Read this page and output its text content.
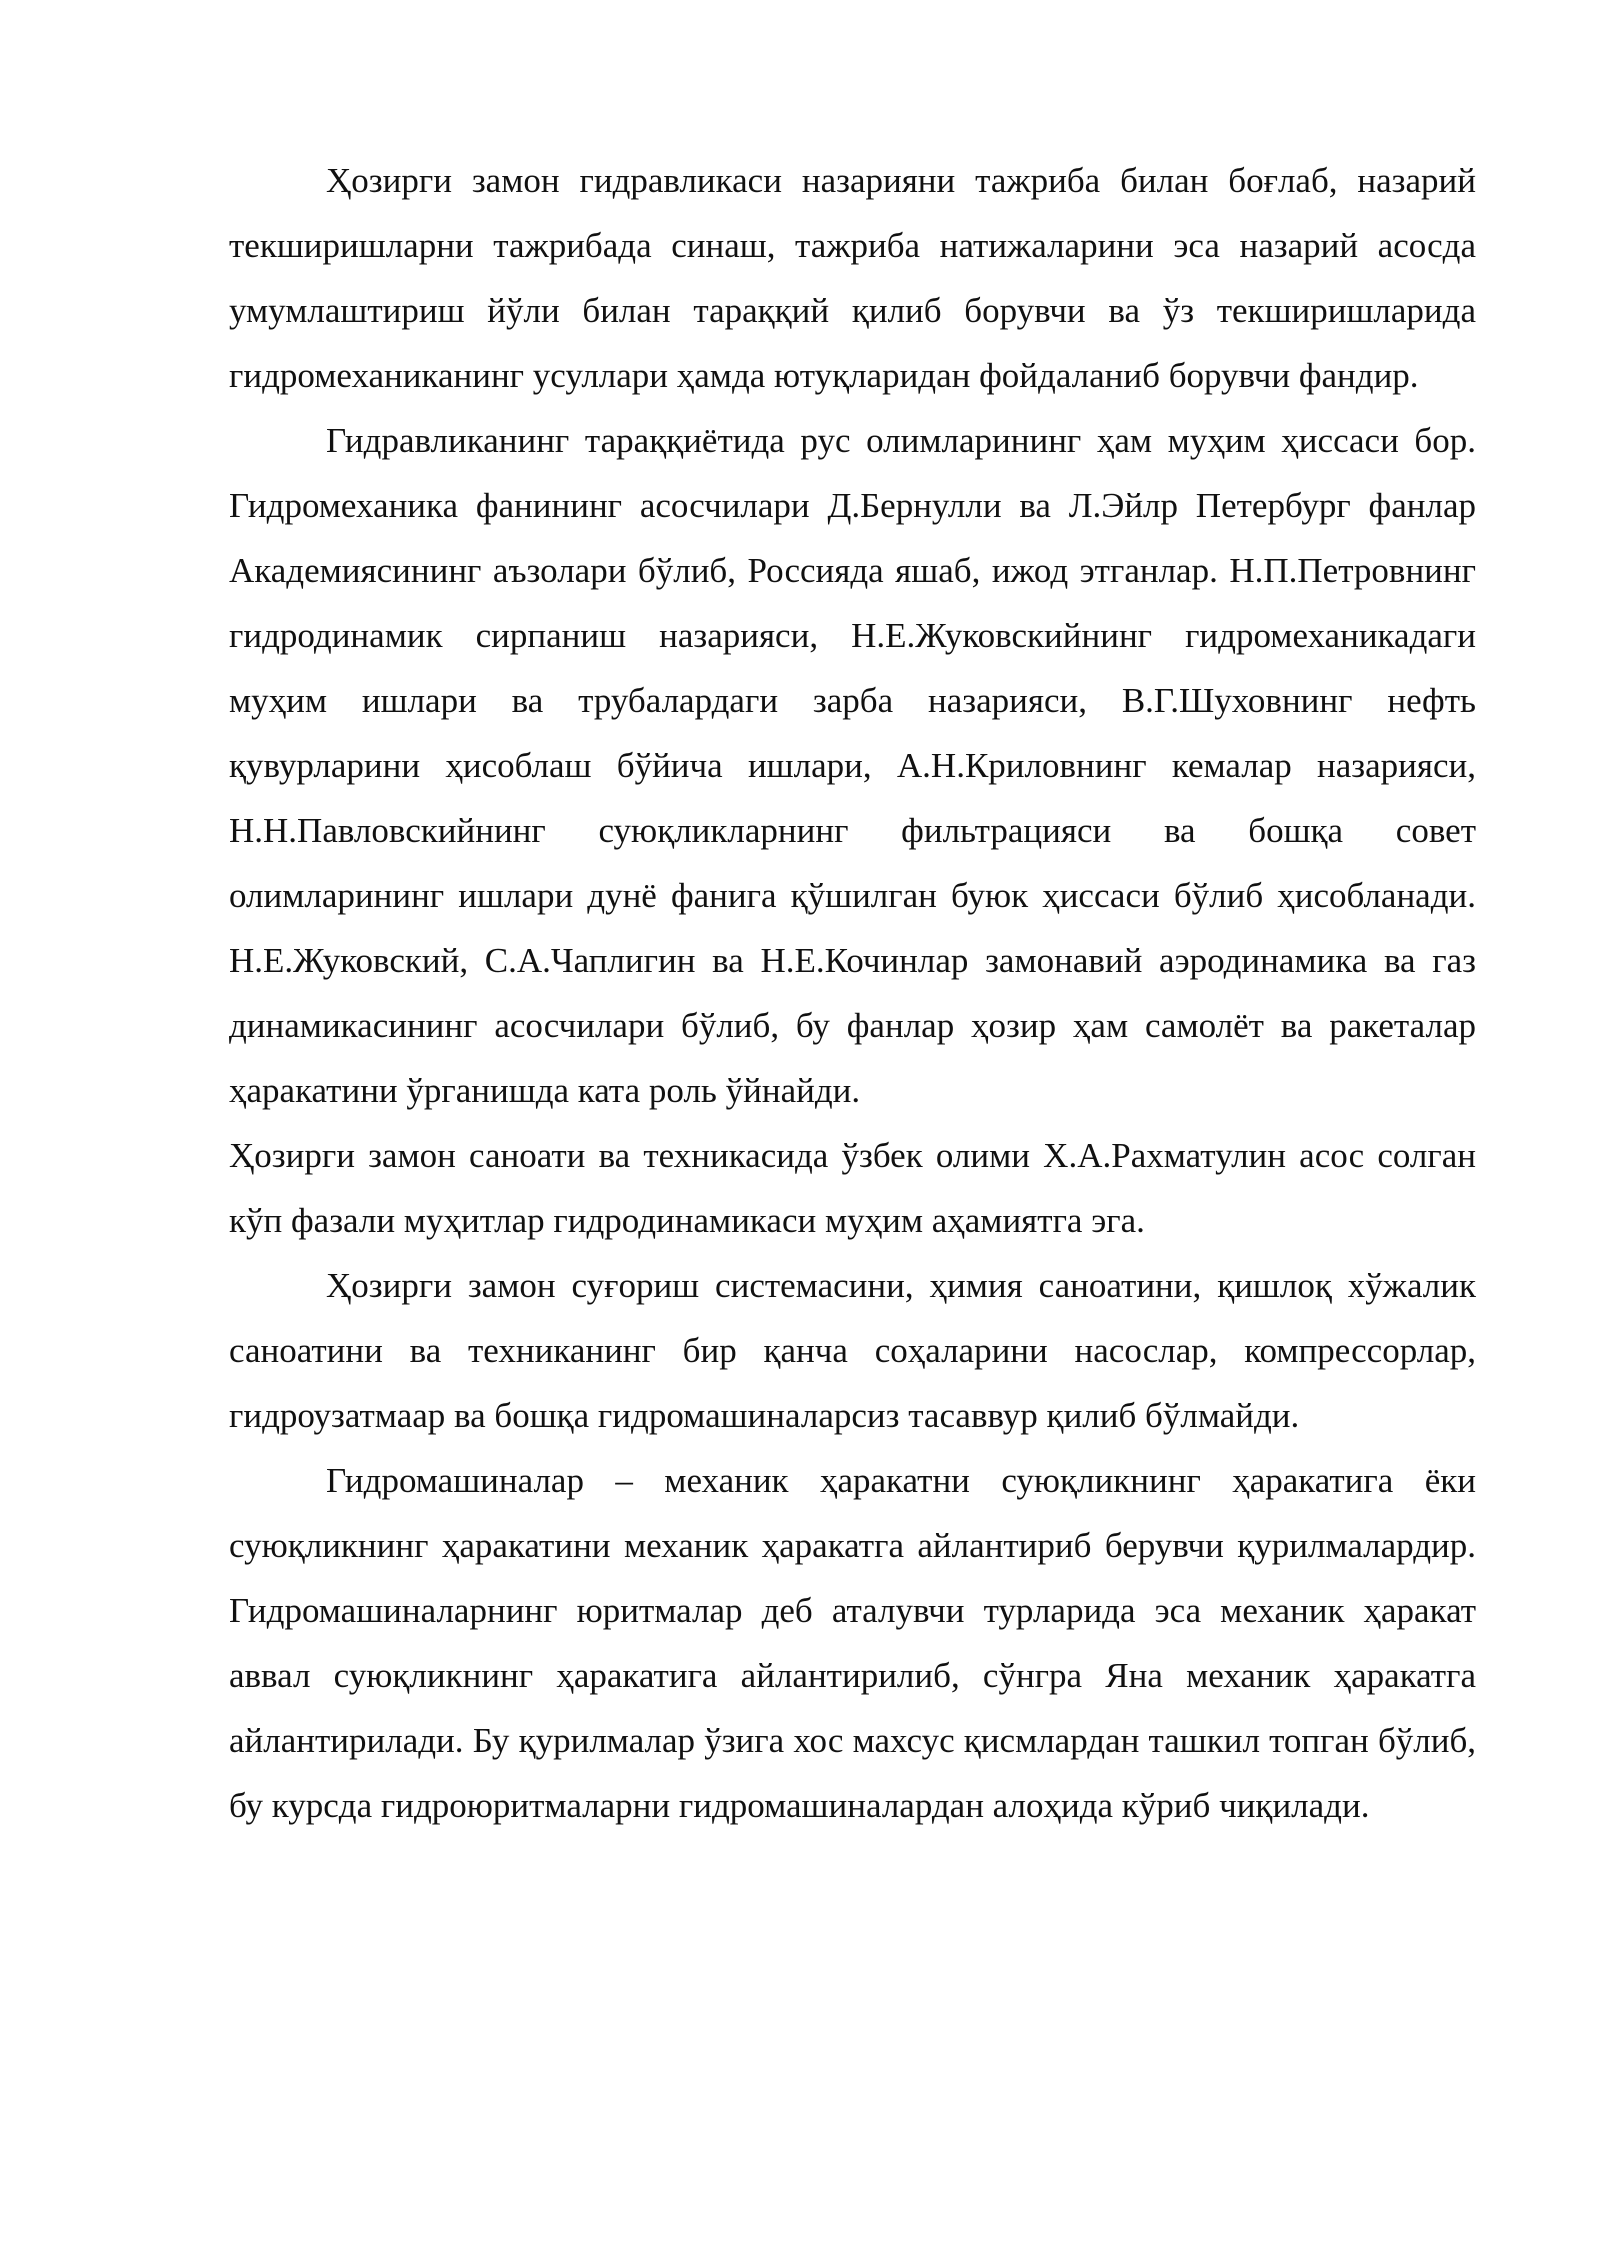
Ҳозирги замон гидравликаси назарияни тажриба билан боғлаб, назарий текширишларни тажрибада синаш, тажриба натижаларини эса назарий асосда умумлаштириш йўли билан тараққий қилиб борувчи ва ўз текширишларида гидромеханиканинг усуллари ҳамда ютуқларидан фойдаланиб борувчи фандир.

Гидравликанинг тараққиётида рус олимларининг ҳам муҳим ҳиссаси бор. Гидромеханика фанининг асосчилари Д.Бернулли ва Л.Эйлр Петербург фанлар Академиясининг аъзолари бўлиб, Россияда яшаб, ижод этганлар. Н.П.Петровнинг гидродинамик сирпаниш назарияси, Н.Е.Жуковскийнинг гидромеханикадаги муҳим ишлари ва трубалардаги зарба назарияси, В.Г.Шуховнинг нефть қувурларини ҳисоблаш бўйича ишлари, А.Н.Криловнинг кемалар назарияси, Н.Н.Павловскийнинг суюқликларнинг фильтрацияси ва бошқа совет олимларининг ишлари дунё фанига қўшилган буюк ҳиссаси бўлиб ҳисобланади. Н.Е.Жуковский, С.А.Чаплигин ва Н.Е.Кочинлар замонавий аэродинамика ва газ динамикасининг асосчилари бўлиб, бу фанлар ҳозир ҳам самолёт ва ракеталар ҳаракатини ўрганишда ката роль ўйнайди.

Ҳозирги замон саноати ва техникасида ўзбек олими Х.А.Рахматулин асос солган кўп фазали муҳитлар гидродинамикаси муҳим аҳамиятга эга.

Ҳозирги замон суғориш системасини, ҳимия саноатини, қишлоқ хўжалик саноатини ва техниканинг бир қанча соҳаларини насослар, компрессорлар, гидроузатмаар ва бошқа гидромашиналарсиз тасаввур қилиб бўлмайди.

Гидромашиналар – механик ҳаракатни суюқликнинг ҳаракатига ёки суюқликнинг ҳаракатини механик ҳаракатга айлантириб берувчи қурилмалардир. Гидромашиналарнинг юритмалар деб аталувчи турларида эса механик ҳаракат аввал суюқликнинг ҳаракатига айлантирилиб, сўнгра Яна механик ҳаракатга айлантирилади. Бу қурилмалар ўзига хос махсус қисмлардан ташкил топган бўлиб, бу курсда гидроюритмаларни гидромашиналардан алоҳида кўриб чиқилади.
